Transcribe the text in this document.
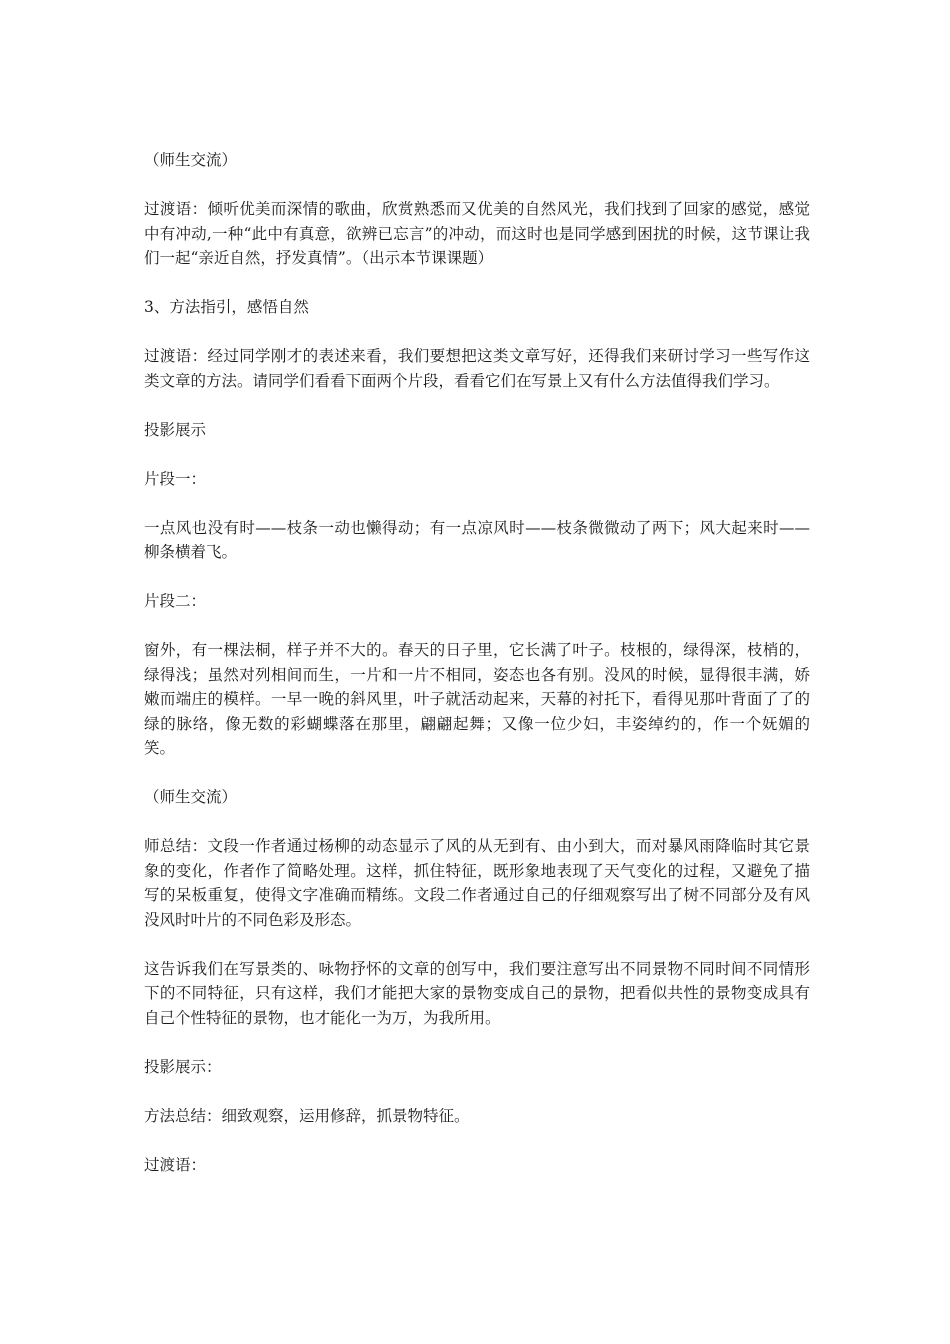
（师生交流）

过渡语：倾听优美而深情的歌曲，欣赏熟悉而又优美的自然风光，我们找到了回家的感觉，感觉中有冲动,一种“此中有真意，欲辨已忘言”的冲动，而这时也是同学感到困扰的时候，这节课让我们一起“亲近自然，抒发真情”。（出示本节课课题）

3、方法指引，感悟自然

过渡语：经过同学刚才的表述来看，我们要想把这类文章写好，还得我们来研讨学习一些写作这类文章的方法。请同学们看看下面两个片段，看看它们在写景上又有什么方法值得我们学习。

投影展示

片段一：

一点风也没有时——枝条一动也懒得动；有一点凉风时——枝条微微动了两下；风大起来时——柳条横着飞。

片段二：

窗外，有一棵法桐，样子并不大的。春天的日子里，它长满了叶子。枝根的，绿得深，枝梢的，绿得浅；虽然对列相间而生，一片和一片不相同，姿态也各有别。没风的时候，显得很丰满，娇嫩而端庄的模样。一早一晚的斜风里，叶子就活动起来，天幕的衬托下，看得见那叶背面了了的绿的脉络，像无数的彩蝴蝶落在那里，翩翩起舞；又像一位少妇，丰姿绰约的，作一个妩媚的笑。

（师生交流）

师总结：文段一作者通过杨柳的动态显示了风的从无到有、由小到大，而对暴风雨降临时其它景象的变化，作者作了简略处理。这样，抓住特征，既形象地表现了天气变化的过程，又避免了描写的呆板重复，使得文字准确而精练。文段二作者通过自己的仔细观察写出了树不同部分及有风没风时叶片的不同色彩及形态。

这告诉我们在写景类的、咏物抒怀的文章的创写中，我们要注意写出不同景物不同时间不同情形下的不同特征，只有这样，我们才能把大家的景物变成自己的景物，把看似共性的景物变成具有自己个性特征的景物，也才能化一为万，为我所用。

投影展示：

方法总结：细致观察，运用修辞，抓景物特征。

过渡语：
